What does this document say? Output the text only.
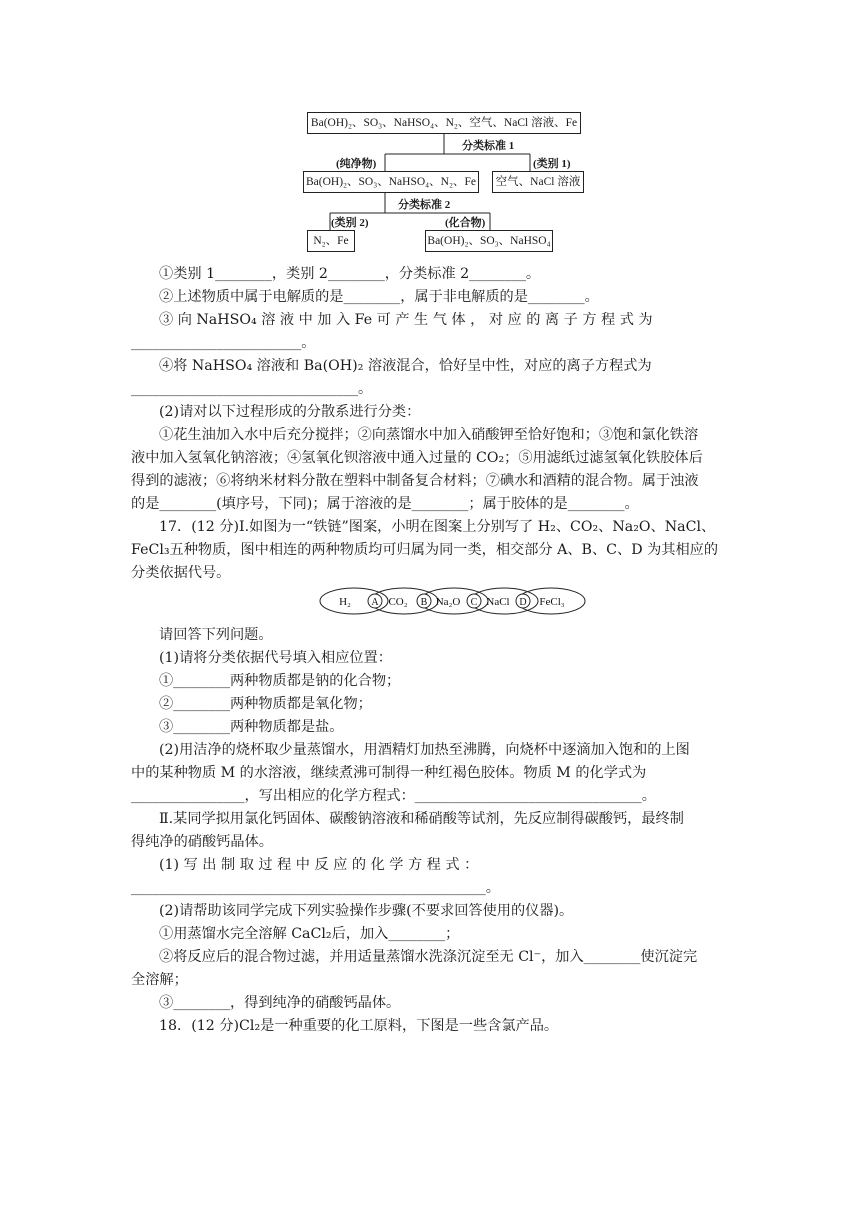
Ba(OH)₂、SO₃、NaHSO₄、N₂、空气、NaCl 溶液、Fe
分类标准 1
(纯净物)	(类别 1)
Ba(OH)₂、SO₃、NaHSO₄、N₂、Fe	空气、NaCl 溶液
分类标准 2
(类别 2)	(化合物)
N₂、Fe	Ba(OH)₂、SO₃、NaHSO₄
①类别 1________，类别 2________，分类标准 2________。
②上述物质中属于电解质的是________，属于非电解质的是________。
③ 向 NaHSO₄ 溶 液 中 加 入 Fe 可 产 生 气 体 ， 对 应 的 离 子 方 程 式 为
________________________。
④将 NaHSO₄ 溶液和 Ba(OH)₂ 溶液混合，恰好呈中性，对应的离子方程式为
________________________________。
(2)请对以下过程形成的分散系进行分类：
①花生油加入水中后充分搅拌；②向蒸馏水中加入硝酸钾至恰好饱和；③饱和氯化铁溶
液中加入氢氧化钠溶液；④氢氧化钡溶液中通入过量的 CO₂；⑤用滤纸过滤氢氧化铁胶体后
得到的滤液；⑥将纳米材料分散在塑料中制备复合材料；⑦碘水和酒精的混合物。属于浊液
的是________(填序号，下同)；属于溶液的是________；属于胶体的是________。
17．(12 分)Ⅰ.如图为一“铁链”图案，小明在图案上分别写了 H₂、CO₂、Na₂O、NaCl、
FeCl₃五种物质，图中相连的两种物质均可归属为同一类，相交部分 A、B、C、D 为其相应的
分类依据代号。
H₂	CO₂	Na₂O NaCl	FeCl₃
A	B	C	D
请回答下列问题。
(1)请将分类依据代号填入相应位置：
①________两种物质都是钠的化合物；
②________两种物质都是氧化物；
③________两种物质都是盐。
(2)用洁净的烧杯取少量蒸馏水，用酒精灯加热至沸腾，向烧杯中逐滴加入饱和的上图
中的某种物质 M 的水溶液，继续煮沸可制得一种红褐色胶体。物质 M 的化学式为
________________，写出相应的化学方程式：________________________________。
Ⅱ.某同学拟用氯化钙固体、碳酸钠溶液和稀硝酸等试剂，先反应制得碳酸钙，最终制
得纯净的硝酸钙晶体。
(1) 写 出 制 取 过 程 中 反 应 的 化 学 方 程 式 ：
__________________________________________________。
(2)请帮助该同学完成下列实验操作步骤(不要求回答使用的仪器)。
①用蒸馏水完全溶解 CaCl₂后，加入________；
②将反应后的混合物过滤，并用适量蒸馏水洗涤沉淀至无 Cl⁻，加入________使沉淀完
全溶解；
③________，得到纯净的硝酸钙晶体。
18．(12 分)Cl₂是一种重要的化工原料，下图是一些含氯产品。
